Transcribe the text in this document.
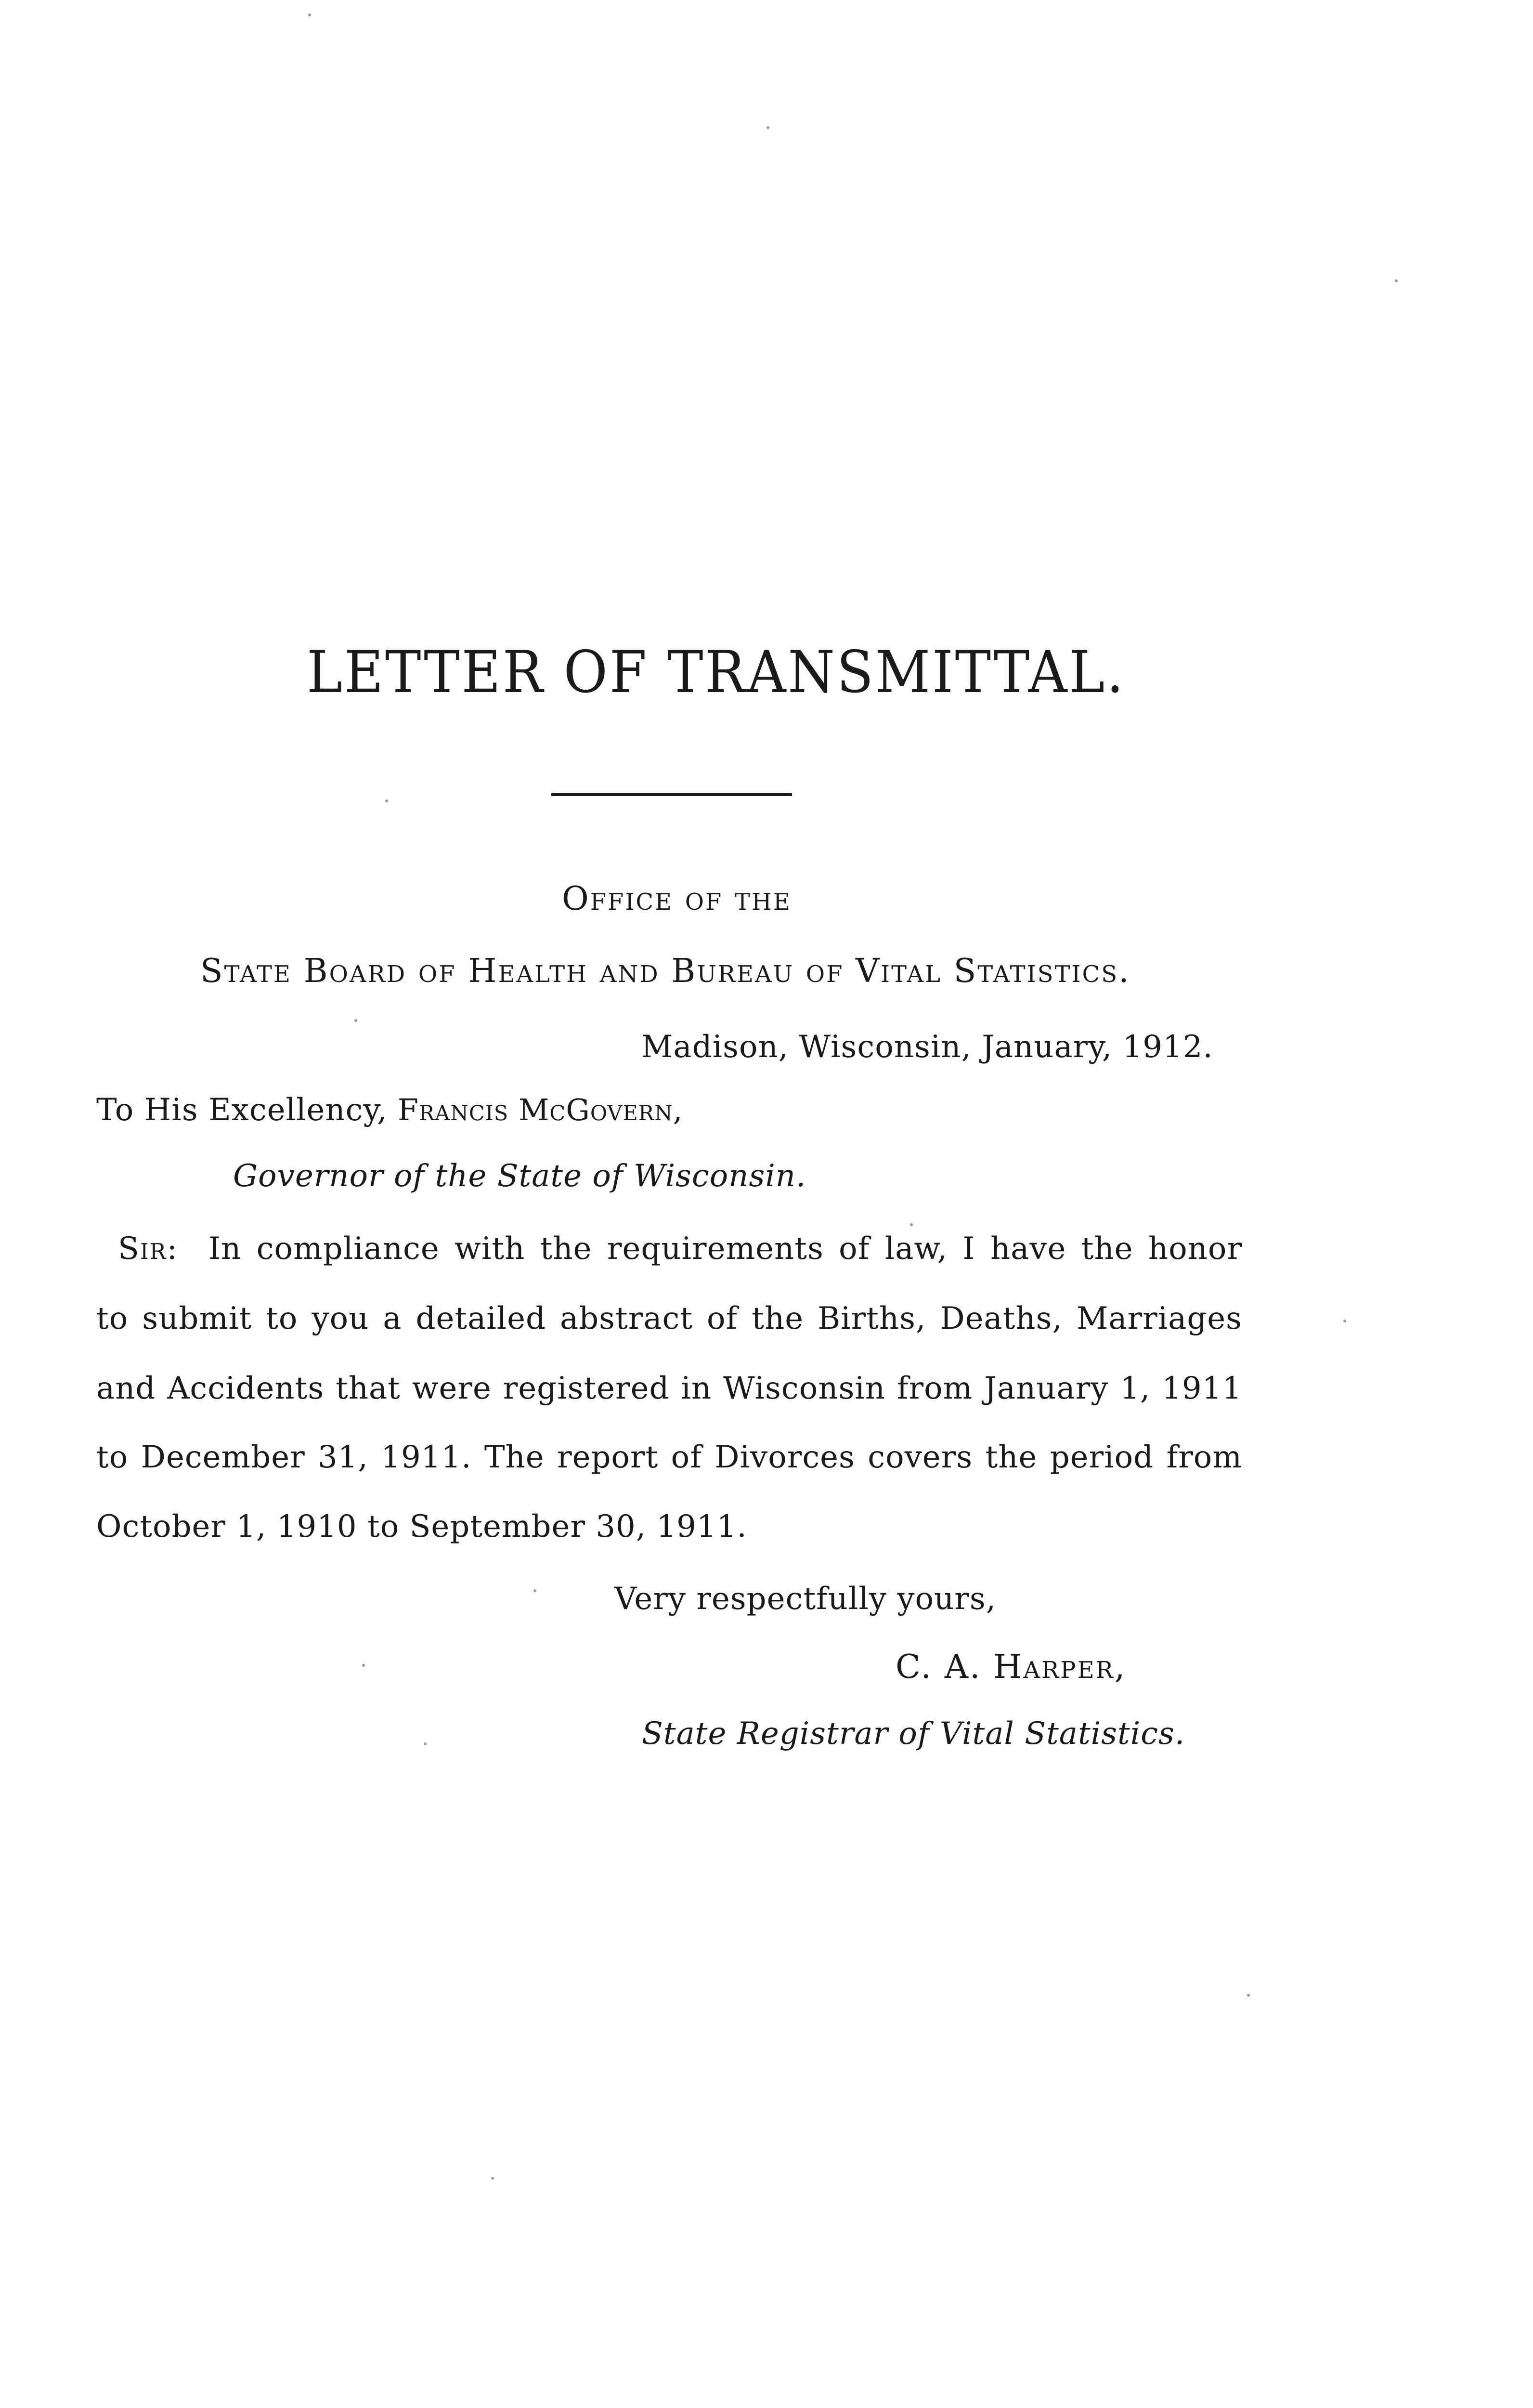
LETTER OF TRANSMITTAL.
Office of the
State Board of Health and Bureau of Vital Statistics.
Madison, Wisconsin, January, 1912.
To His Excellency, Francis McGovern,
Governor of the State of Wisconsin.
Sir: In compliance with the requirements of law, I have the honor
to submit to you a detailed abstract of the Births, Deaths, Marriages
and Accidents that were registered in Wisconsin from January 1, 1911
to December 31, 1911. The report of Divorces covers the period from
October 1, 1910 to September 30, 1911.
Very respectfully yours,
C. A. Harper,
State Registrar of Vital Statistics.
